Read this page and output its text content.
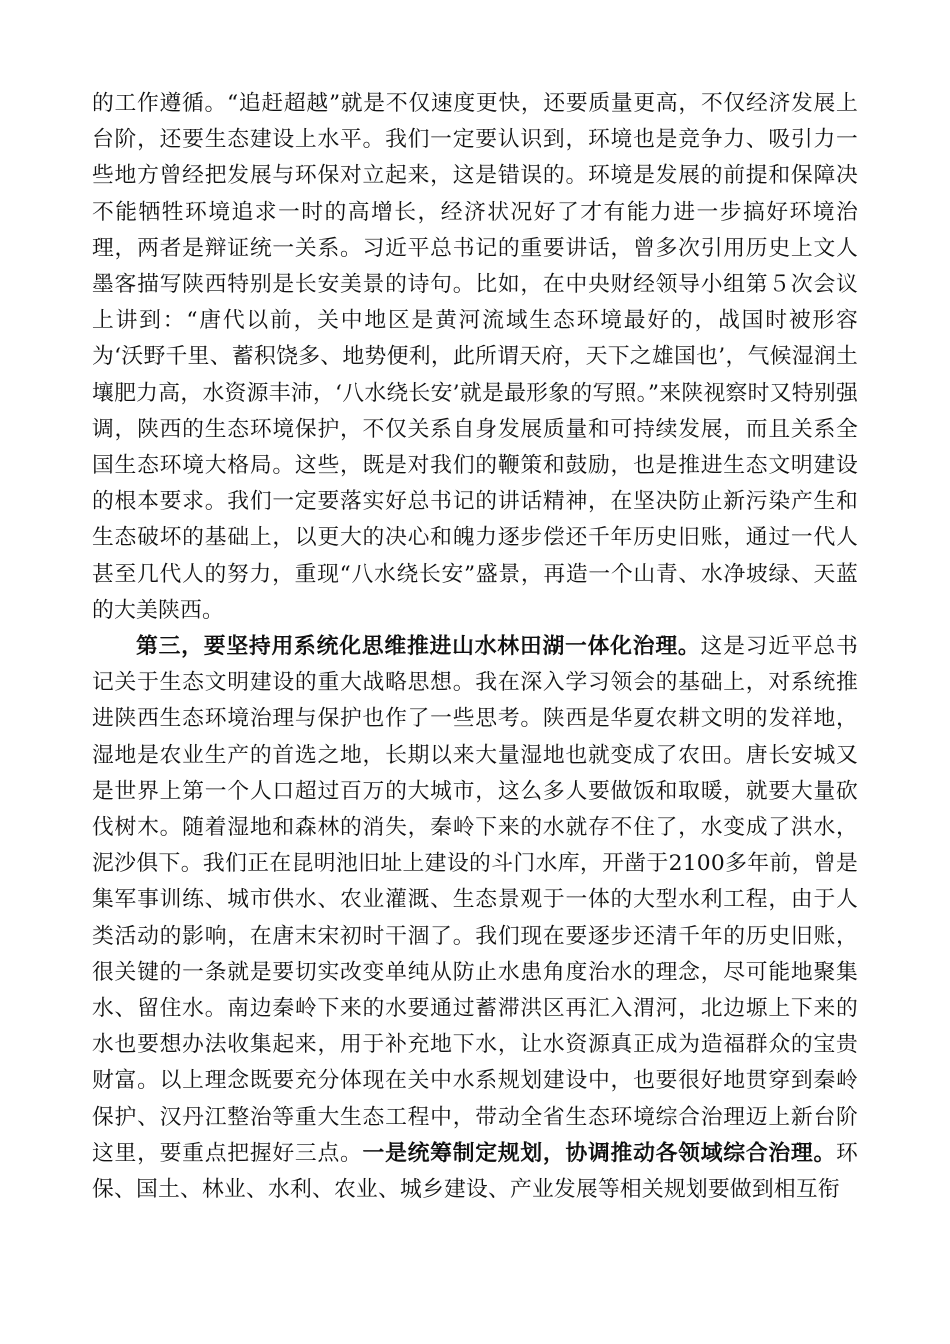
的工作遵循。“追赶超越”就是不仅速度更快，还要质量更高，不仅经济发展上台阶，还要生态建设上水平。我们一定要认识到，环境也是竞争力、吸引力一些地方曾经把发展与环保对立起来，这是错误的。环境是发展的前提和保障决不能牺牲环境追求一时的高增长，经济状况好了才有能力进一步搞好环境治理，两者是辩证统一关系。习近平总书记的重要讲话，曾多次引用历史上文人墨客描写陕西特别是长安美景的诗句。比如，在中央财经领导小组第５次会议上讲到：“唐代以前，关中地区是黄河流域生态环境最好的，战国时被形容为‘沃野千里、蓄积饶多、地势便利，此所谓天府，天下之雄国也’，气候湿润土壤肥力高，水资源丰沛，‘八水绕长安’就是最形象的写照。”来陕视察时又特别强调，陕西的生态环境保护，不仅关系自身发展质量和可持续发展，而且关系全国生态环境大格局。这些，既是对我们的鞭策和鼓励，也是推进生态文明建设的根本要求。我们一定要落实好总书记的讲话精神，在坚决防止新污染产生和生态破坏的基础上，以更大的决心和魄力逐步偿还千年历史旧账，通过一代人甚至几代人的努力，重现“八水绕长安”盛景，再造一个山青、水净坡绿、天蓝的大美陕西。

第三，要坚持用系统化思维推进山水林田湖一体化治理。这是习近平总书记关于生态文明建设的重大战略思想。我在深入学习领会的基础上，对系统推进陕西生态环境治理与保护也作了一些思考。陕西是华夏农耕文明的发祥地，湿地是农业生产的首选之地，长期以来大量湿地也就变成了农田。唐长安城又是世界上第一个人口超过百万的大城市，这么多人要做饭和取暖，就要大量砍伐树木。随着湿地和森林的消失，秦岭下来的水就存不住了，水变成了洪水，泥沙俱下。我们正在昆明池旧址上建设的斗门水库，开凿于2100多年前，曾是集军事训练、城市供水、农业灌溉、生态景观于一体的大型水利工程，由于人类活动的影响，在唐末宋初时干涸了。我们现在要逐步还清千年的历史旧账，很关键的一条就是要切实改变单纯从防止水患角度治水的理念，尽可能地聚集水、留住水。南边秦岭下来的水要通过蓄滞洪区再汇入渭河，北边塬上下来的水也要想办法收集起来，用于补充地下水，让水资源真正成为造福群众的宝贵财富。以上理念既要充分体现在关中水系规划建设中，也要很好地贯穿到秦岭保护、汉丹江整治等重大生态工程中，带动全省生态环境综合治理迈上新台阶这里，要重点把握好三点。一是统筹制定规划，协调推动各领域综合治理。环保、国土、林业、水利、农业、城乡建设、产业发展等相关规划要做到相互衔
